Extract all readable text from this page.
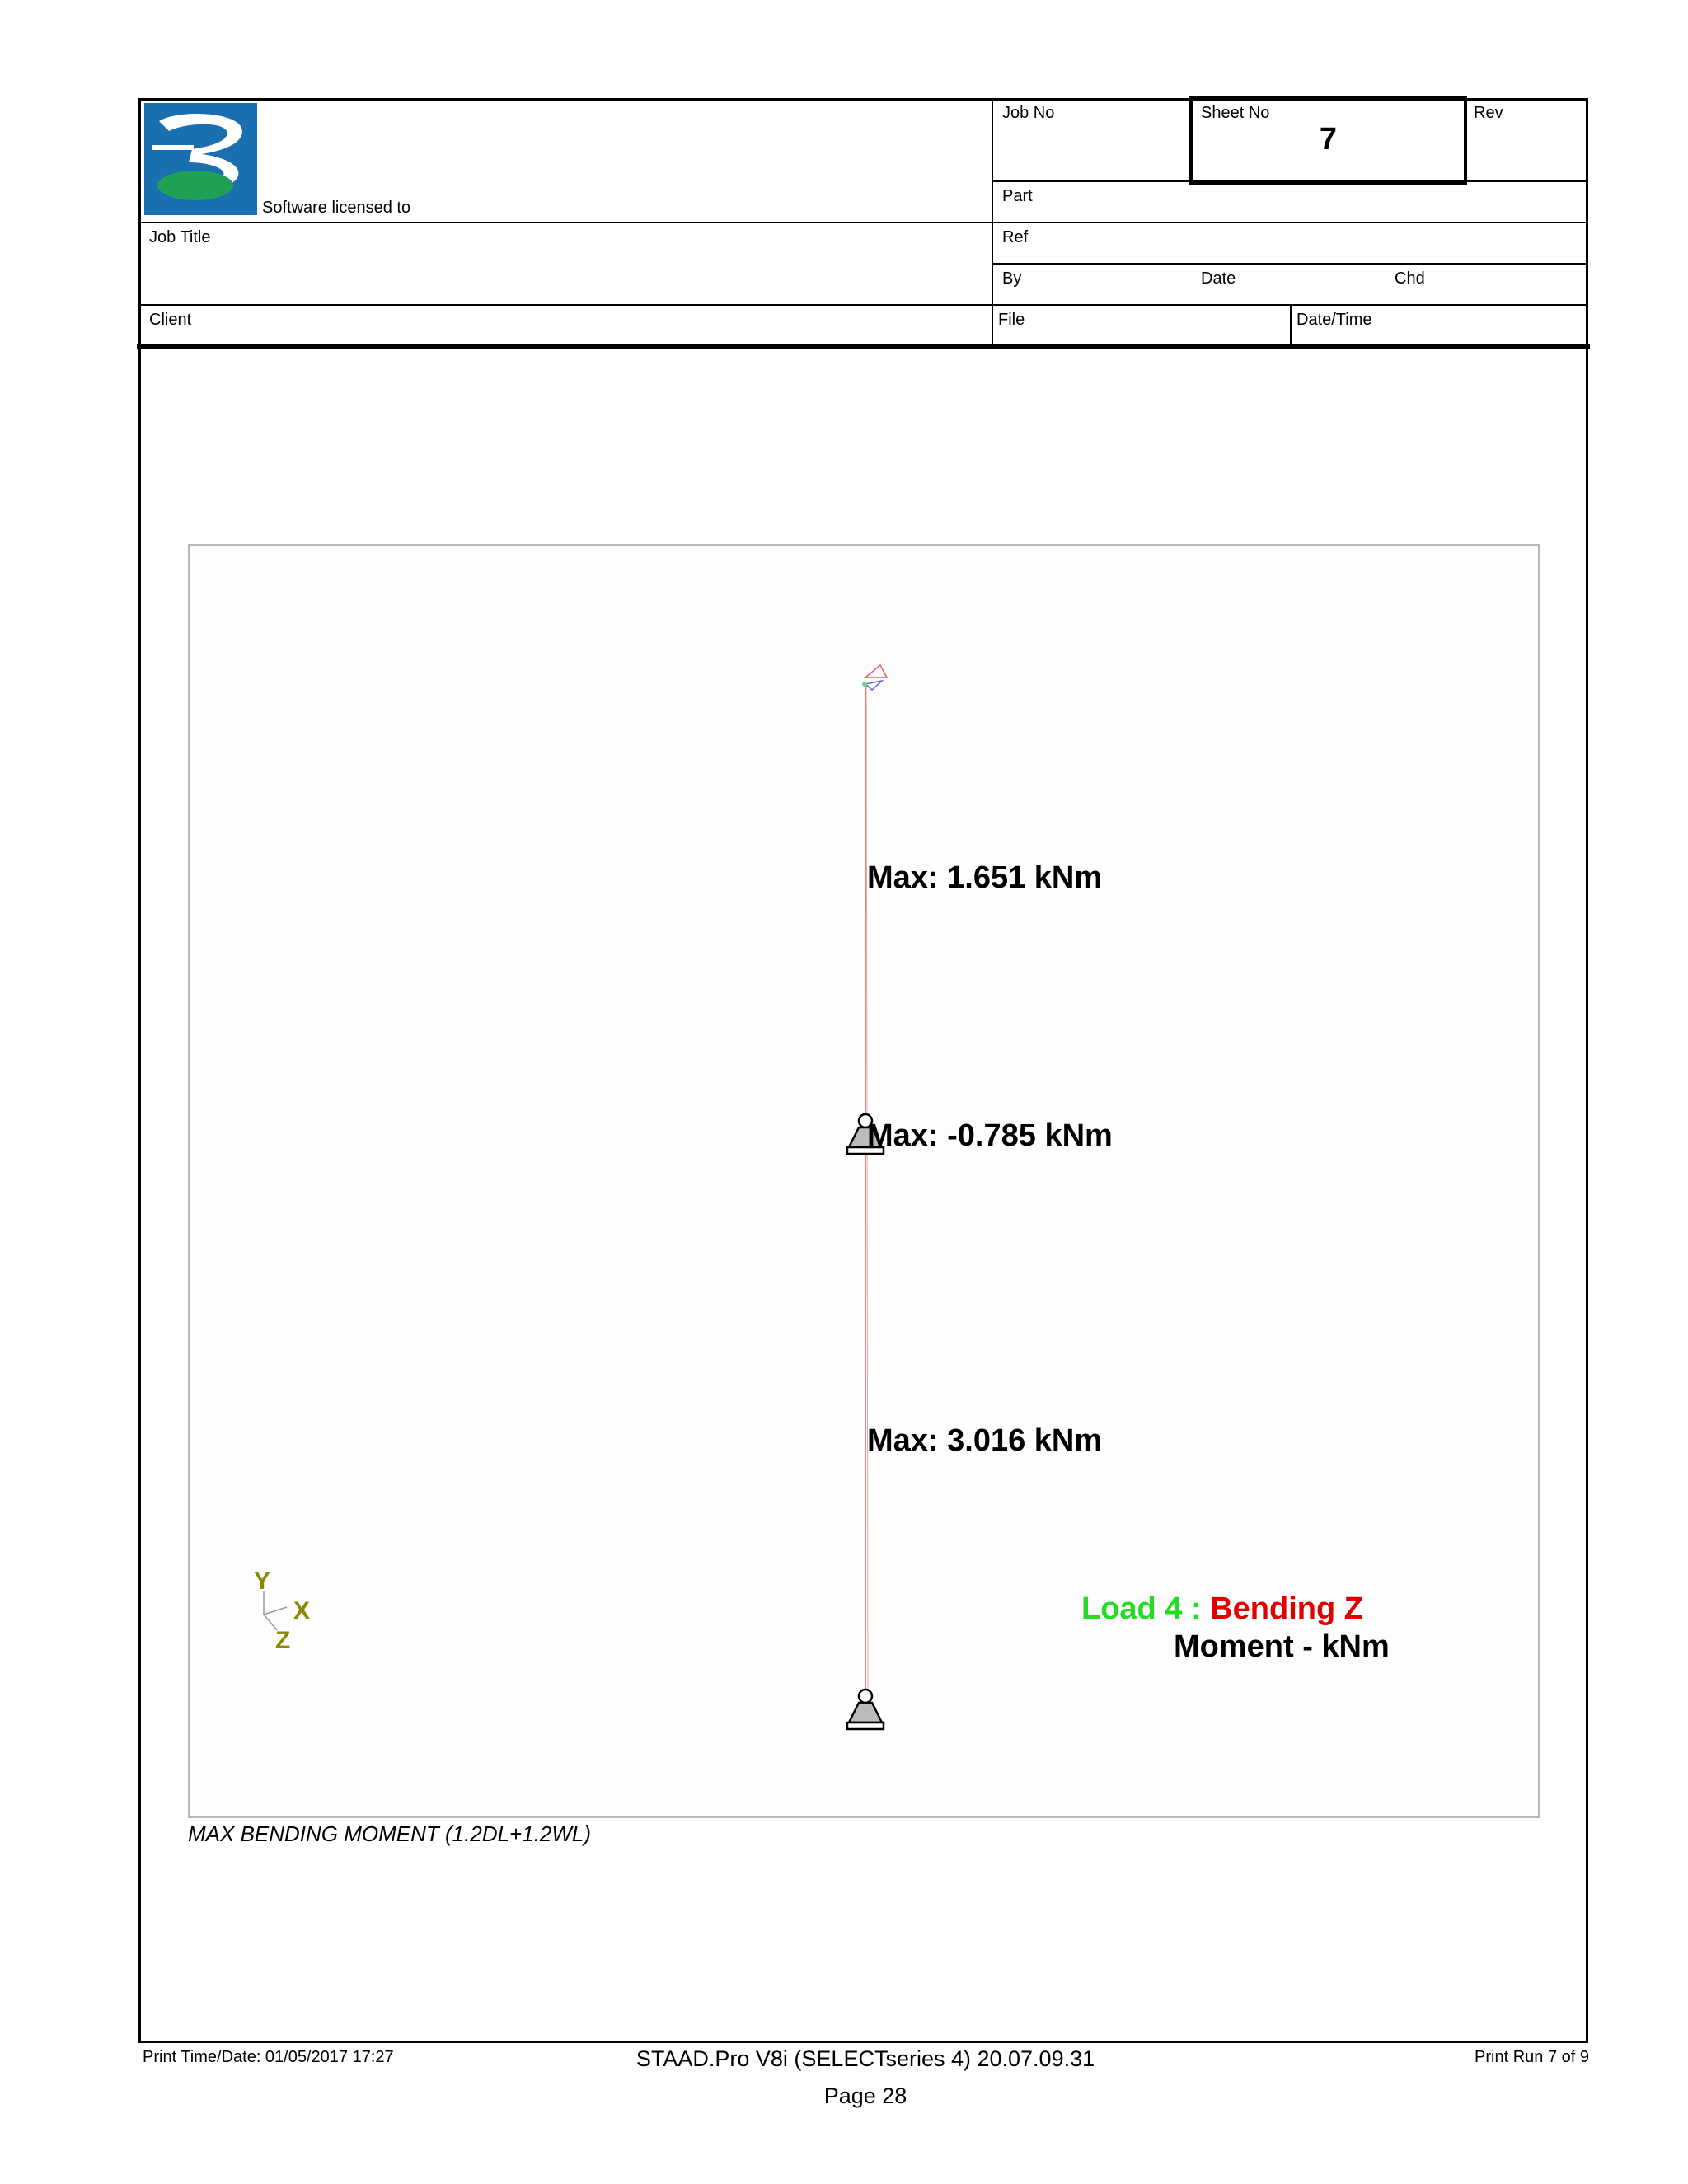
Software licensed to
Job No	Sheet No
7
Rev
Part
Job Title	Ref
By	Date	Chd
Client	File	Date/Time
Max: 1.651 kNm
Max: -0.785 kNm
Max: 3.016 kNm
Y
X
Z
Load 4 : Bending Z
Moment - kNm
MAX BENDING MOMENT (1.2DL+1.2WL)
Print Time/Date: 01/05/2017 17:27	STAAD.Pro V8i (SELECTseries 4) 20.07.09.31
Page 28
Print Run 7 of 9
